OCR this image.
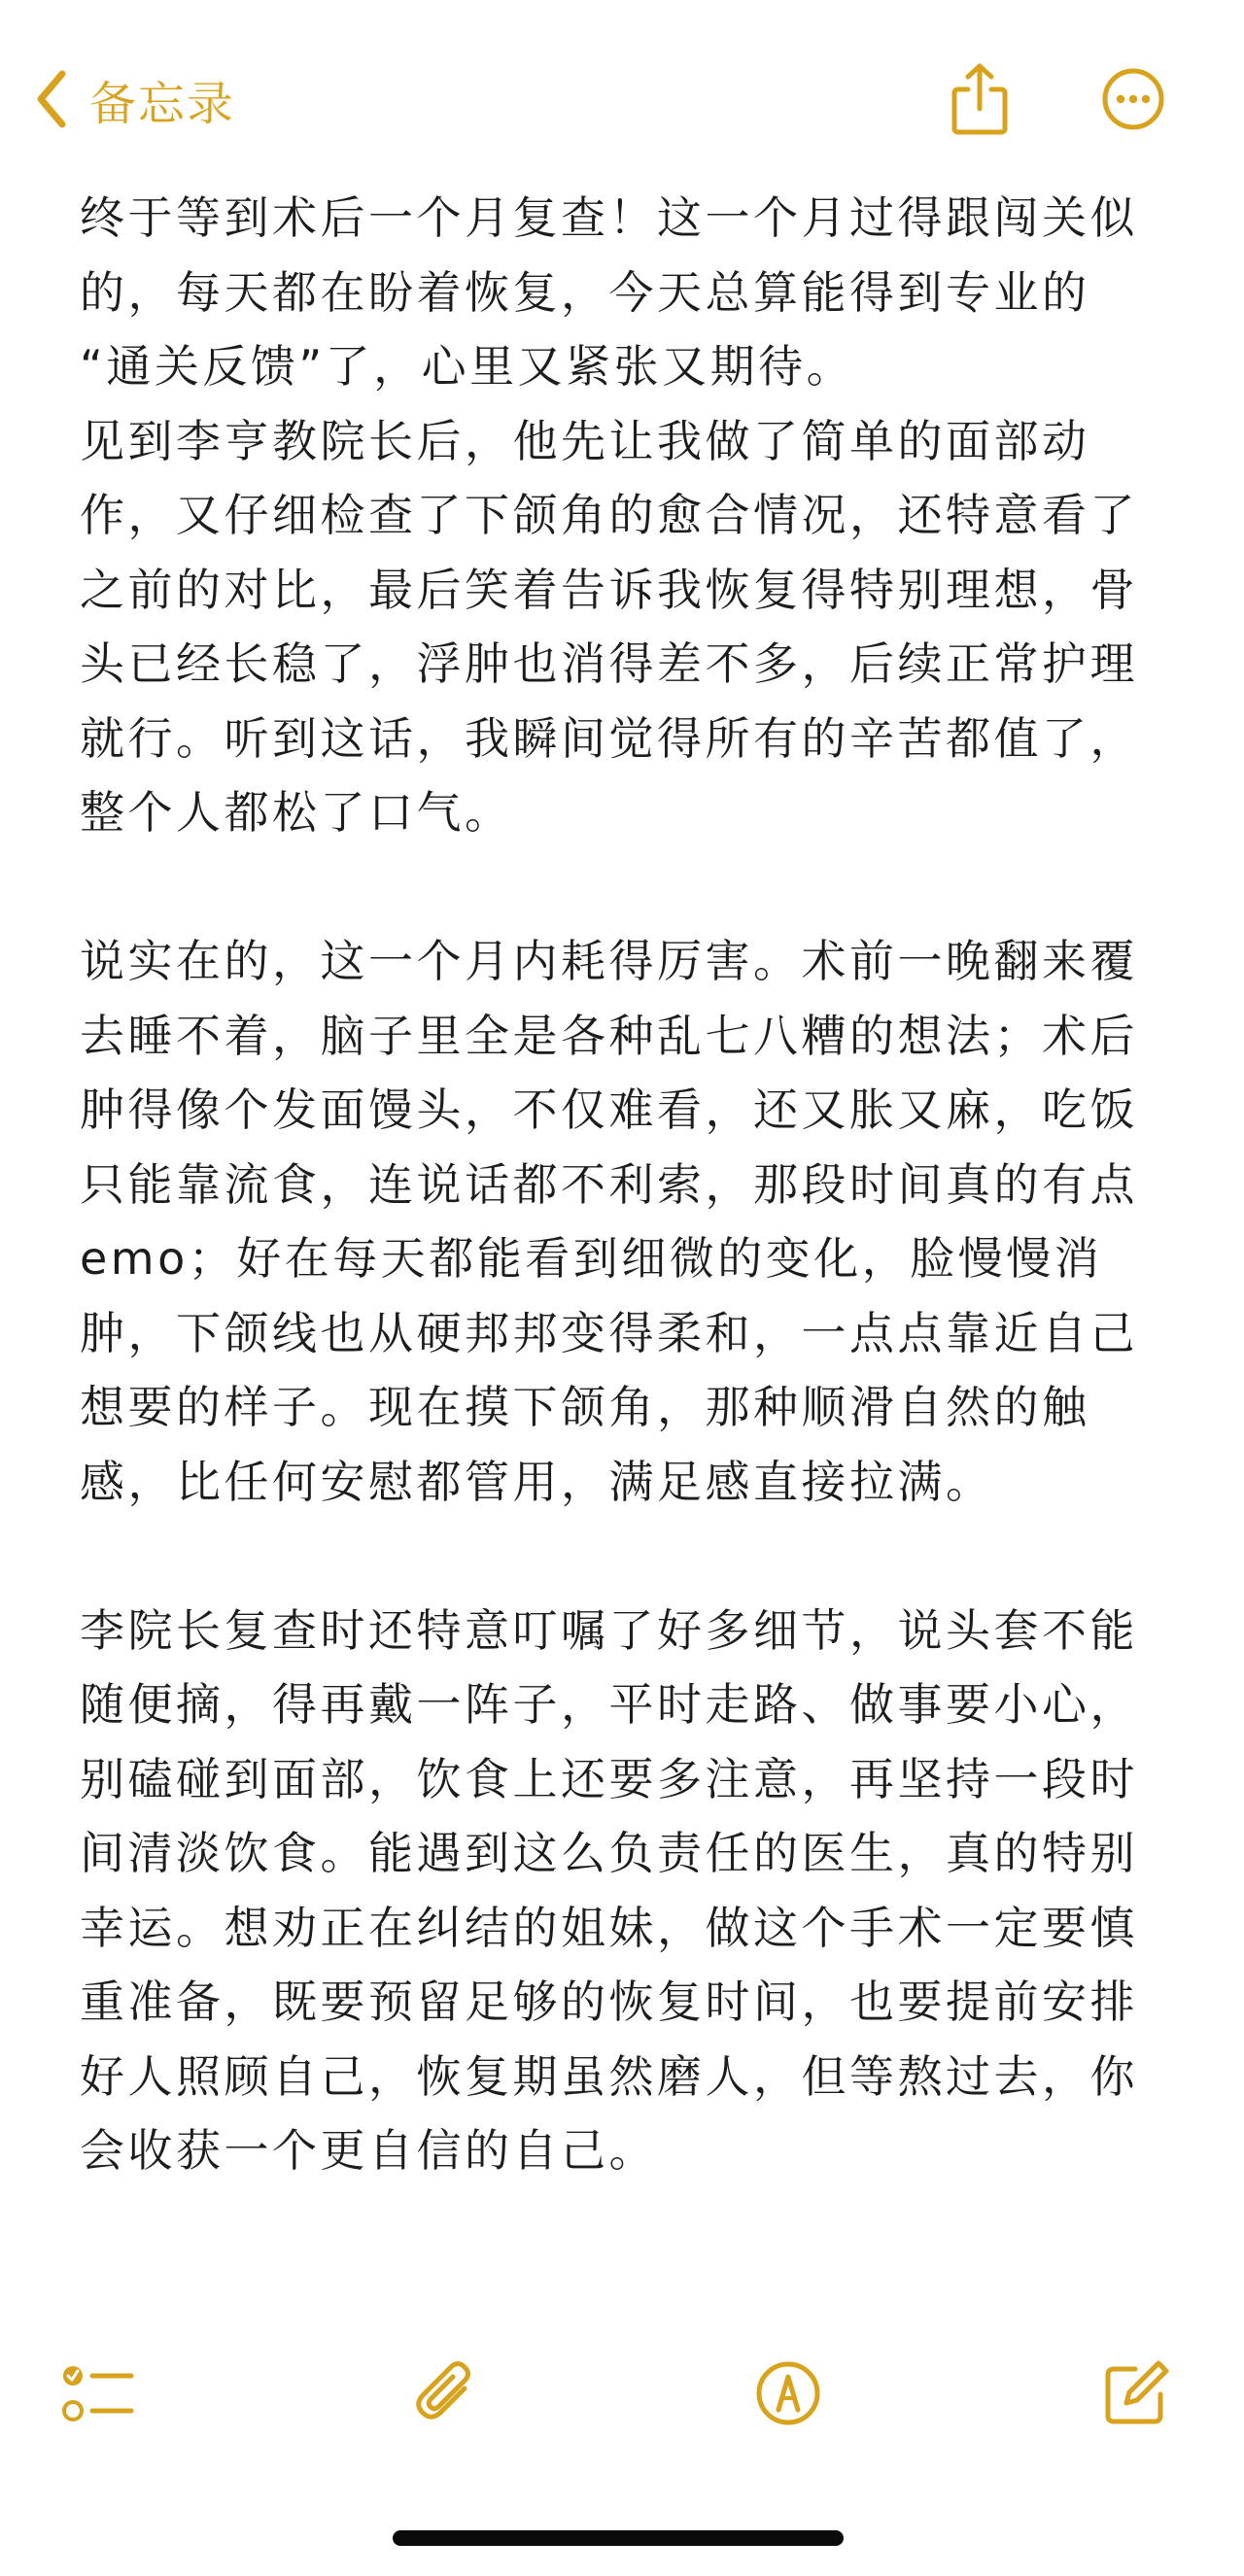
备忘录

终于等到术后一个月复查！这一个月过得跟闯关似
的，每天都在盼着恢复，今天总算能得到专业的
“通关反馈”了，心里又紧张又期待。
见到李亨教院长后，他先让我做了简单的面部动
作，又仔细检查了下颌角的愈合情况，还特意看了
之前的对比，最后笑着告诉我恢复得特别理想，骨
头已经长稳了，浮肿也消得差不多，后续正常护理
就行。听到这话，我瞬间觉得所有的辛苦都值了，
整个人都松了口气。

说实在的，这一个月内耗得厉害。术前一晚翻来覆
去睡不着，脑子里全是各种乱七八糟的想法；术后
肿得像个发面馒头，不仅难看，还又胀又麻，吃饭
只能靠流食，连说话都不利索，那段时间真的有点
emo；好在每天都能看到细微的变化，脸慢慢消
肿，下颌线也从硬邦邦变得柔和，一点点靠近自己
想要的样子。现在摸下颌角，那种顺滑自然的触
感，比任何安慰都管用，满足感直接拉满。

李院长复查时还特意叮嘱了好多细节，说头套不能
随便摘，得再戴一阵子，平时走路、做事要小心，
别磕碰到面部，饮食上还要多注意，再坚持一段时
间清淡饮食。能遇到这么负责任的医生，真的特别
幸运。想劝正在纠结的姐妹，做这个手术一定要慎
重准备，既要预留足够的恢复时间，也要提前安排
好人照顾自己，恢复期虽然磨人，但等熬过去，你
会收获一个更自信的自己。
